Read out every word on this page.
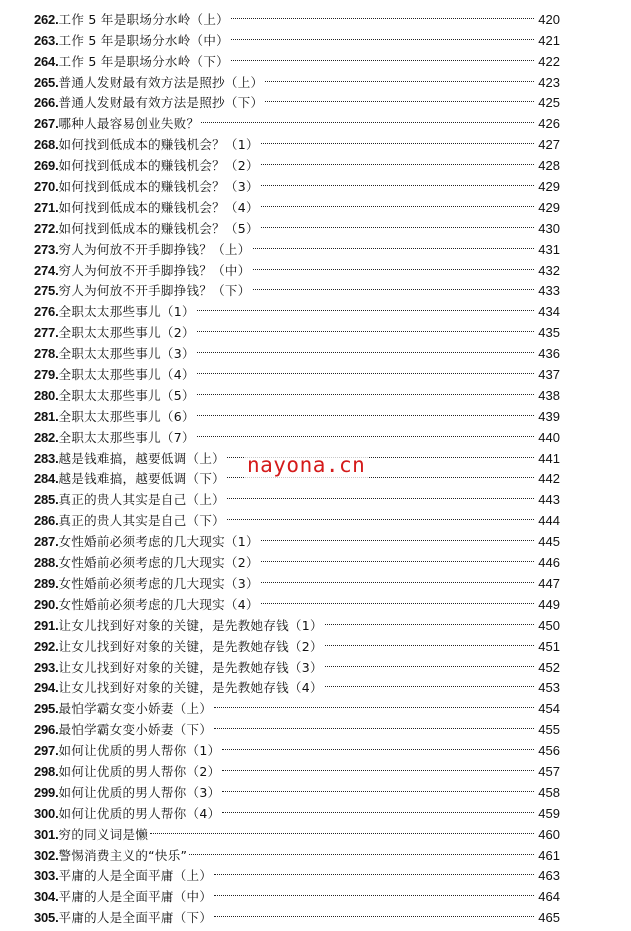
262. 工作 5 年是职场分水岭（上）	420
263. 工作 5 年是职场分水岭（中）	421
264. 工作 5 年是职场分水岭（下）	422
265. 普通人发财最有效方法是照抄（上）	423
266. 普通人发财最有效方法是照抄（下）	425
267. 哪种人最容易创业失败？	426
268. 如何找到低成本的赚钱机会？（1）	427
269. 如何找到低成本的赚钱机会？（2）	428
270. 如何找到低成本的赚钱机会？（3）	429
271. 如何找到低成本的赚钱机会？（4）	429
272. 如何找到低成本的赚钱机会？（5）	430
273. 穷人为何放不开手脚挣钱？（上）	431
274. 穷人为何放不开手脚挣钱？（中）	432
275. 穷人为何放不开手脚挣钱？（下）	433
276. 全职太太那些事儿（1）	434
277. 全职太太那些事儿（2）	435
278. 全职太太那些事儿（3）	436
279. 全职太太那些事儿（4）	437
280. 全职太太那些事儿（5）	438
281. 全职太太那些事儿（6）	439
282. 全职太太那些事儿（7）	440
283. 越是钱难搞，越要低调（上）	441
284. 越是钱难搞，越要低调（下）	442
285. 真正的贵人其实是自己（上）	443
286. 真正的贵人其实是自己（下）	444
287. 女性婚前必须考虑的几大现实（1）	445
288. 女性婚前必须考虑的几大现实（2）	446
289. 女性婚前必须考虑的几大现实（3）	447
290. 女性婚前必须考虑的几大现实（4）	449
291. 让女儿找到好对象的关键，是先教她存钱（1）	450
292. 让女儿找到好对象的关键，是先教她存钱（2）	451
293. 让女儿找到好对象的关键，是先教她存钱（3）	452
294. 让女儿找到好对象的关键，是先教她存钱（4）	453
295. 最怕学霸女变小娇妻（上）	454
296. 最怕学霸女变小娇妻（下）	455
297. 如何让优质的男人帮你（1）	456
298. 如何让优质的男人帮你（2）	457
299. 如何让优质的男人帮你（3）	458
300. 如何让优质的男人帮你（4）	459
301. 穷的同义词是懒	460
302. 警惕消费主义的“快乐”	461
303. 平庸的人是全面平庸（上）	463
304. 平庸的人是全面平庸（中）	464
305. 平庸的人是全面平庸（下）	465
nayona.cn
